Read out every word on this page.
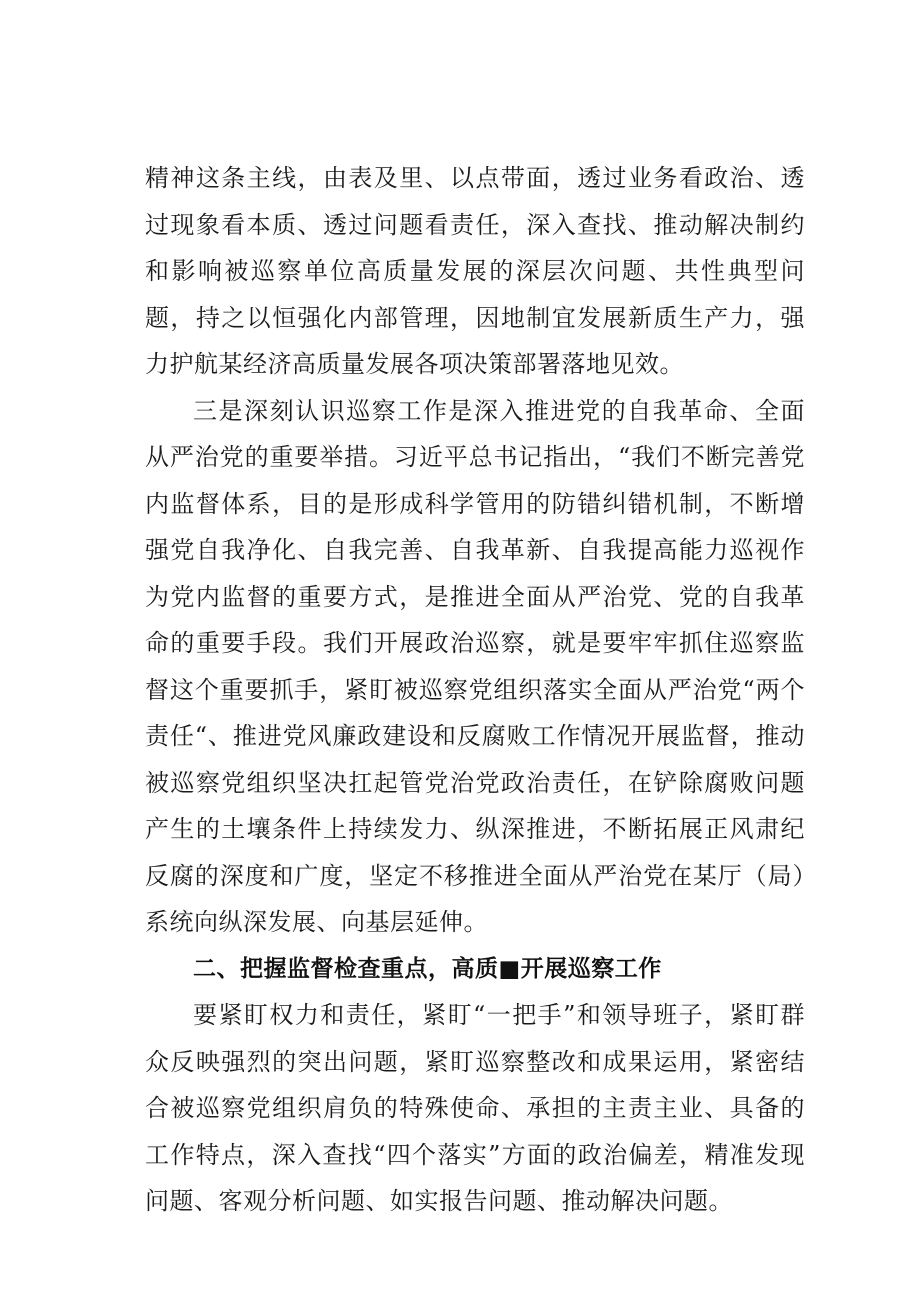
精神这条主线，由表及里、以点带面，透过业务看政治、透过现象看本质、透过问题看责任，深入查找、推动解决制约和影响被巡察单位高质量发展的深层次问题、共性典型问题，持之以恒强化内部管理，因地制宜发展新质生产力，强力护航某经济高质量发展各项决策部署落地见效。

三是深刻认识巡察工作是深入推进党的自我革命、全面从严治党的重要举措。习近平总书记指出，“我们不断完善党内监督体系，目的是形成科学管用的防错纠错机制，不断增强党自我净化、自我完善、自我革新、自我提高能力巡视作为党内监督的重要方式，是推进全面从严治党、党的自我革命的重要手段。我们开展政治巡察，就是要牢牢抓住巡察监督这个重要抓手，紧盯被巡察党组织落实全面从严治党“两个责任“、推进党风廉政建设和反腐败工作情况开展监督，推动被巡察党组织坚决扛起管党治党政治责任，在铲除腐败问题产生的土壤条件上持续发力、纵深推进，不断拓展正风肃纪反腐的深度和广度，坚定不移推进全面从严治党在某厅（局）系统向纵深发展、向基层延伸。

二、把握监督检查重点，高质■开展巡察工作

要紧盯权力和责任，紧盯“一把手”和领导班子，紧盯群众反映强烈的突出问题，紧盯巡察整改和成果运用，紧密结合被巡察党组织肩负的特殊使命、承担的主责主业、具备的工作特点，深入查找“四个落实”方面的政治偏差，精准发现问题、客观分析问题、如实报告问题、推动解决问题。
